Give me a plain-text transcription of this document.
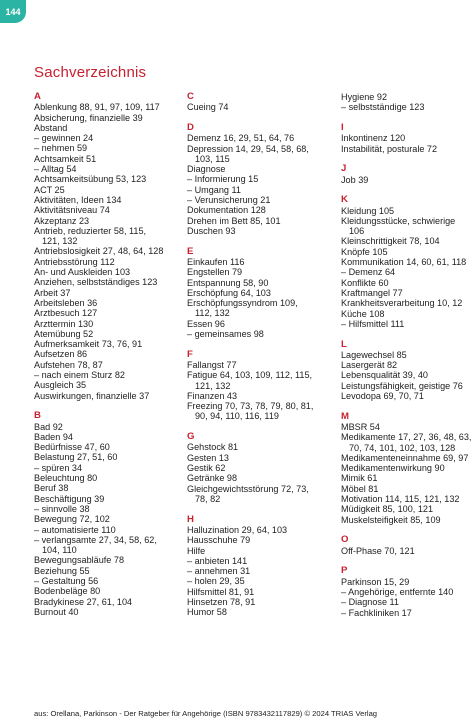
144
Sachverzeichnis
A
Ablenkung 88, 91, 97, 109, 117
Absicherung, finanzielle 39
Abstand
– gewinnen 24
– nehmen 59
Achtsamkeit 51
– Alltag 54
Achtsamkeitsübung 53, 123
ACT 25
Aktivitäten, Ideen 134
Aktivitätsniveau 74
Akzeptanz 23
Antrieb, reduzierter 58, 115,
121, 132
Antriebslosigkeit 27, 48, 64, 128
Antriebsstörung 112
An- und Auskleiden 103
Anziehen, selbstständiges 123
Arbeit 37
Arbeitsleben 36
Arztbesuch 127
Arzttermin 130
Atemübung 52
Aufmerksamkeit 73, 76, 91
Aufsetzen 86
Aufstehen 78, 87
– nach einem Sturz 82
Ausgleich 35
Auswirkungen, finanzielle 37
B
Bad 92
Baden 94
Bedürfnisse 47, 60
Belastung 27, 51, 60
– spüren 34
Beleuchtung 80
Beruf 38
Beschäftigung 39
– sinnvolle 38
Bewegung 72, 102
– automatisierte 110
– verlangsamte 27, 34, 58, 62,
104, 110
Bewegungsabläufe 78
Beziehung 55
– Gestaltung 56
Bodenbeläge 80
Bradykinese 27, 61, 104
Burnout 40
C
Cueing 74
D
Demenz 16, 29, 51, 64, 76
Depression 14, 29, 54, 58, 68,
103, 115
Diagnose
– Informierung 15
– Umgang 11
– Verunsicherung 21
Dokumentation 128
Drehen im Bett 85, 101
Duschen 93
E
Einkaufen 116
Engstellen 79
Entspannung 58, 90
Erschöpfung 64, 103
Erschöpfungssyndrom 109,
112, 132
Essen 96
– gemeinsames 98
F
Fallangst 77
Fatigue 64, 103, 109, 112, 115,
121, 132
Finanzen 43
Freezing 70, 73, 78, 79, 80, 81,
90, 94, 110, 116, 119
G
Gehstock 81
Gesten 13
Gestik 62
Getränke 98
Gleichgewichtsstörung 72, 73,
78, 82
H
Halluzination 29, 64, 103
Hausschuhe 79
Hilfe
– anbieten 141
– annehmen 31
– holen 29, 35
Hilfsmittel 81, 91
Hinsetzen 78, 91
Humor 58
Hygiene 92
– selbstständige 123
I
Inkontinenz 120
Instabilität, posturale 72
J
Job 39
K
Kleidung 105
Kleidungsstücke, schwierige
106
Kleinschrittigkeit 78, 104
Knöpfe 105
Kommunikation 14, 60, 61, 118
– Demenz 64
Konflikte 60
Kraftmangel 77
Krankheitsverarbeitung 10, 12
Küche 108
– Hilfsmittel 111
L
Lagewechsel 85
Lasergerät 82
Lebensqualität 39, 40
Leistungsfähigkeit, geistige 76
Levodopa 69, 70, 71
M
MBSR 54
Medikamente 17, 27, 36, 48, 63,
70, 74, 101, 102, 103, 128
Medikamenteneinnahme 69, 97
Medikamentenwirkung 90
Mimik 61
Möbel 81
Motivation 114, 115, 121, 132
Müdigkeit 85, 100, 121
Muskelsteifigkeit 85, 109
O
Off-Phase 70, 121
P
Parkinson 15, 29
– Angehörige, entfernte 140
– Diagnose 11
– Fachkliniken 17
aus: Orellana, Parkinson - Der Ratgeber für Angehörige (ISBN 9783432117829) © 2024 TRIAS Verlag
